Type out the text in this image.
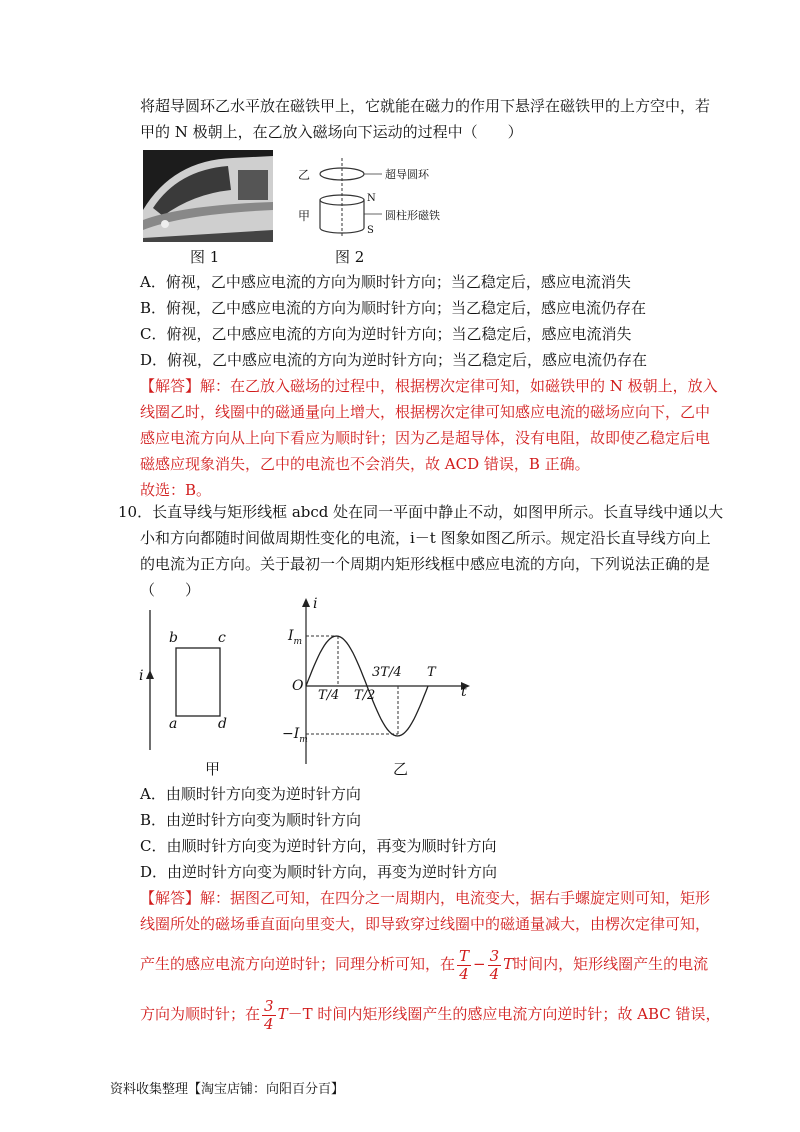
将超导圆环乙水平放在磁铁甲上，它就能在磁力的作用下悬浮在磁铁甲的上方空中，若
甲的 N 极朝上，在乙放入磁场向下运动的过程中（　　）
图 1
乙	超导圆环
N
甲	圆柱形磁铁
S
图 2
A．俯视，乙中感应电流的方向为顺时针方向；当乙稳定后，感应电流消失
B．俯视，乙中感应电流的方向为顺时针方向；当乙稳定后，感应电流仍存在
C．俯视，乙中感应电流的方向为逆时针方向；当乙稳定后，感应电流消失
D．俯视，乙中感应电流的方向为逆时针方向；当乙稳定后，感应电流仍存在
【解答】解：在乙放入磁场的过程中，根据楞次定律可知，如磁铁甲的 N 极朝上，放入
线圈乙时，线圈中的磁通量向上增大，根据楞次定律可知感应电流的磁场应向下，乙中
感应电流方向从上向下看应为顺时针；因为乙是超导体，没有电阻，故即使乙稳定后电
磁感应现象消失，乙中的电流也不会消失，故 ACD 错误，B 正确。
故选：B。
10．长直导线与矩形线框 abcd 处在同一平面中静止不动，如图甲所示。长直导线中通以大
小和方向都随时间做周期性变化的电流，i－t 图象如图乙所示。规定沿长直导线方向上
的电流为正方向。关于最初一个周期内矩形线框中感应电流的方向，下列说法正确的是
（　　）
i
b	c
a	d
甲
i
$I_m$
$-I_m$
O
T/4 T/2
3T/4 T
t
乙
A．由顺时针方向变为逆时针方向
B．由逆时针方向变为顺时针方向
C．由顺时针方向变为逆时针方向，再变为顺时针方向
D．由逆时针方向变为顺时针方向，再变为逆时针方向
【解答】解：据图乙可知，在四分之一周期内，电流变大，据右手螺旋定则可知，矩形
线圈所处的磁场垂直面向里变大，即导致穿过线圈中的磁通量减大，由楞次定律可知，
产生的感应电流方向逆时针；同理分析可知，在 $\frac{T}{4} - \frac{3}{4}$ T时间内，矩形线圈产生的电流
方向为顺时针；在 $\frac{3}{4} T-T$ 时间内矩形线圈产生的感应电流方向逆时针；故 ABC 错误，
资料收集整理【淘宝店铺：向阳百分百】
